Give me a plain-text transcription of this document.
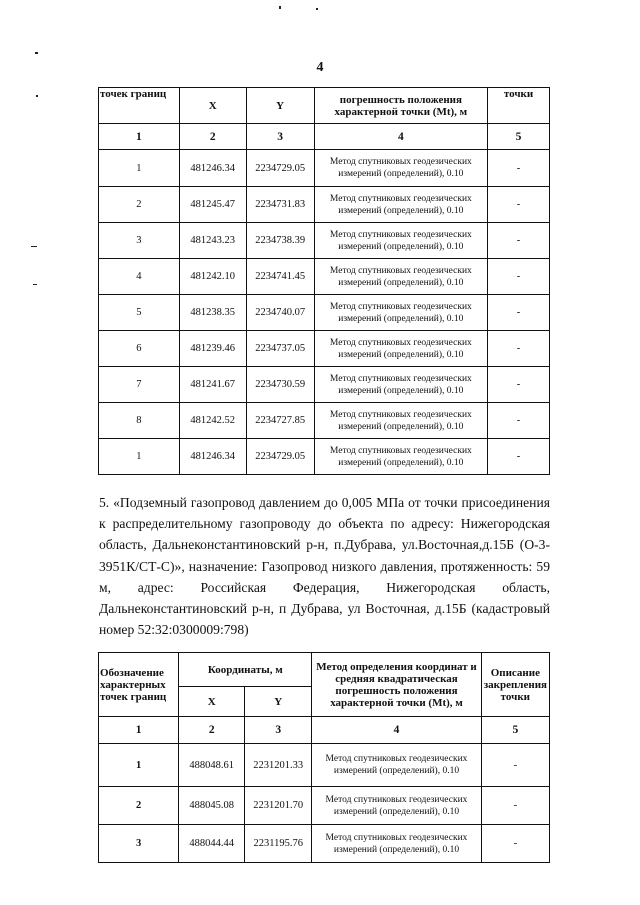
4
точек границ	X	Y	погрешность положения характерной точки (Mt), м	точки
1	2	3	4	5
1	481246.34	2234729.05	Метод спутниковых геодезических измерений (определений), 0.10	-
2	481245.47	2234731.83	Метод спутниковых геодезических измерений (определений), 0.10	-
3	481243.23	2234738.39	Метод спутниковых геодезических измерений (определений), 0.10	-
4	481242.10	2234741.45	Метод спутниковых геодезических измерений (определений), 0.10	-
5	481238.35	2234740.07	Метод спутниковых геодезических измерений (определений), 0.10	-
6	481239.46	2234737.05	Метод спутниковых геодезических измерений (определений), 0.10	-
7	481241.67	2234730.59	Метод спутниковых геодезических измерений (определений), 0.10	-
8	481242.52	2234727.85	Метод спутниковых геодезических измерений (определений), 0.10	-
1	481246.34	2234729.05	Метод спутниковых геодезических измерений (определений), 0.10	-

5. «Подземный газопровод давлением до 0,005 МПа от точки присоединения к распределительному газопроводу до объекта по адресу: Нижегородская область, Дальнеконстантиновский р-н, п.Дубрава, ул.Восточная,д.15Б (О-3-3951К/СТ-С)», назначение: Газопровод низкого давления, протяженность: 59 м, адрес: Российская Федерация, Нижегородская область, Дальнеконстантиновский р-н, п Дубрава, ул Восточная, д.15Б (кадастровый номер 52:32:0300009:798)

Обозначение характерных точек границ	Координаты, м		Метод определения координат и средняя квадратическая погрешность положения характерной точки (Mt), м	Описание закрепления точки
	X	Y		
1	2	3	4	5
1	488048.61	2231201.33	Метод спутниковых геодезических измерений (определений), 0.10	-
2	488045.08	2231201.70	Метод спутниковых геодезических измерений (определений), 0.10	-
3	488044.44	2231195.76	Метод спутниковых геодезических измерений (определений), 0.10	-
